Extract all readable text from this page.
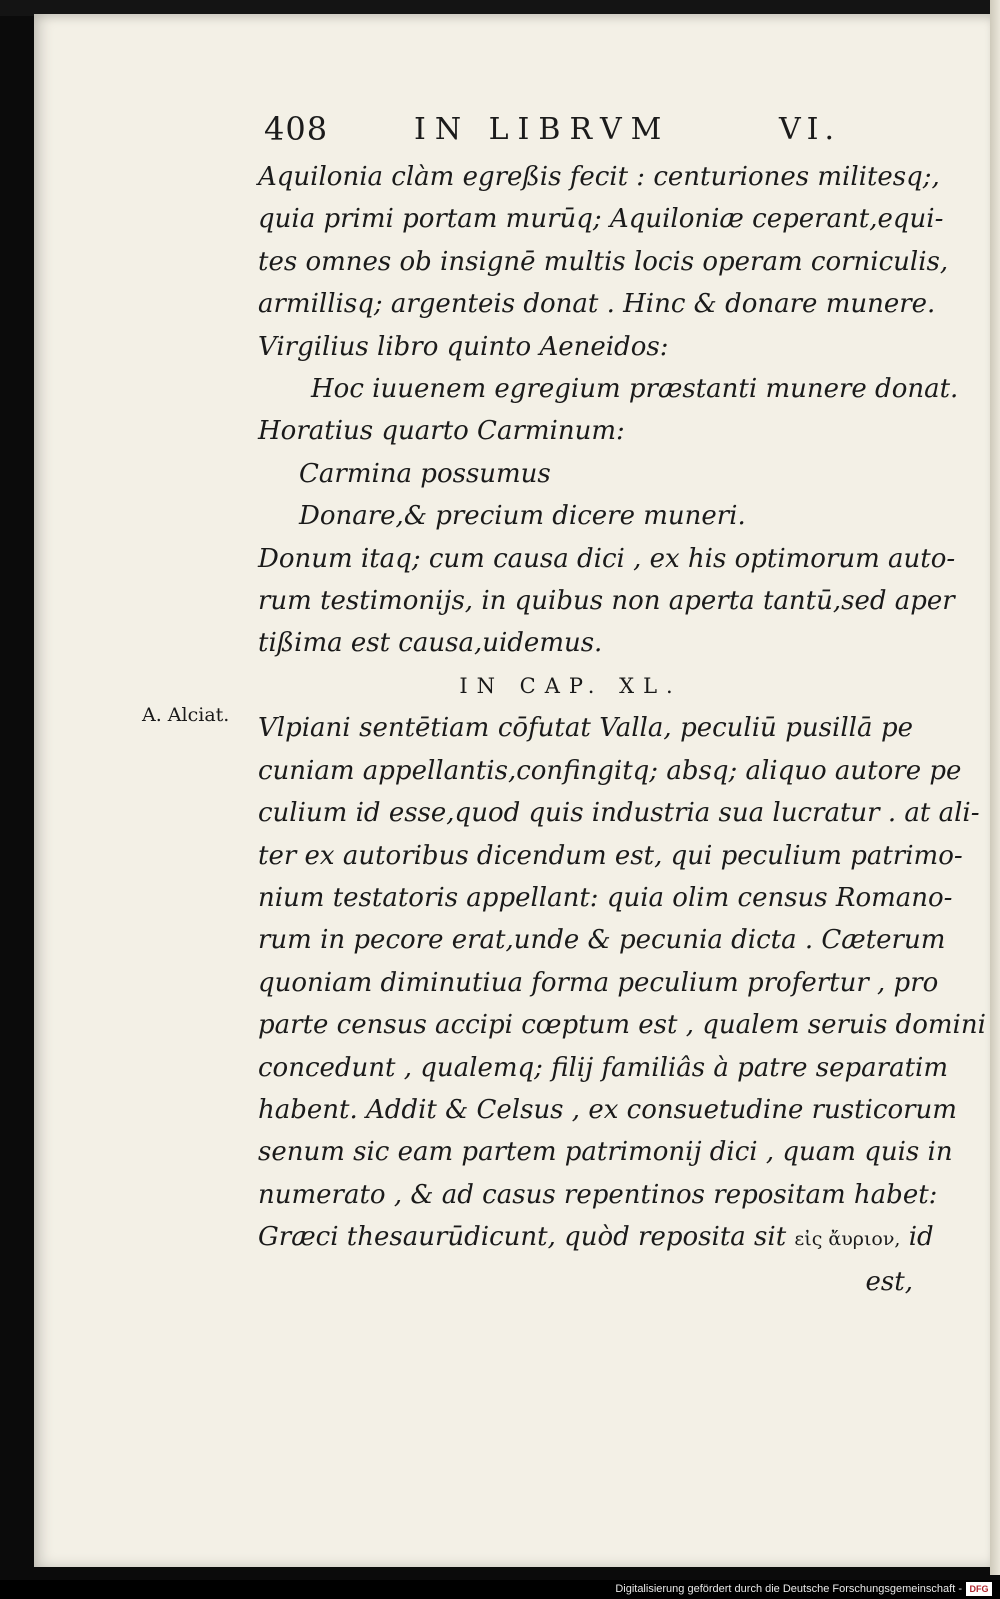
408	IN LIBRVM	VI.
A. Alciat.
Aquilonia clàm egreßis fecit : centuriones militesq;,
quia primi portam murūq; Aquiloniæ ceperant,equi-
tes omnes ob insignē multis locis operam corniculis,
armillisq; argenteis donat . Hinc & donare munere.
Virgilius libro quinto Aeneidos:
Hoc iuuenem egregium præstanti munere donat.
Horatius quarto Carminum:
Carmina possumus
Donare,& precium dicere muneri.
Donum itaq; cum causa dici , ex his optimorum auto-
rum testimonijs, in quibus non aperta tantū,sed aper
tißima est causa,uidemus.
IN CAP. XL.
Vlpiani sentētiam cōfutat Valla, peculiū pusillā pe
cuniam appellantis,confingitq; absq; aliquo autore pe
culium id esse,quod quis industria sua lucratur . at ali-
ter ex autoribus dicendum est, qui peculium patrimo-
nium testatoris appellant: quia olim census Romano-
rum in pecore erat,unde & pecunia dicta . Cæterum
quoniam diminutiua forma peculium profertur , pro
parte census accipi cœptum est , qualem seruis domini
concedunt , qualemq; filij familiâs à patre separatim
habent. Addit & Celsus , ex consuetudine rusticorum
senum sic eam partem patrimonij dici , quam quis in
numerato , & ad casus repentinos repositam habet:
Græci thesaurūdicunt, quòd reposita sit εἰς ἄυριον, id
est,
Digitalisierung gefördert durch die Deutsche Forschungsgemeinschaft - DFG
